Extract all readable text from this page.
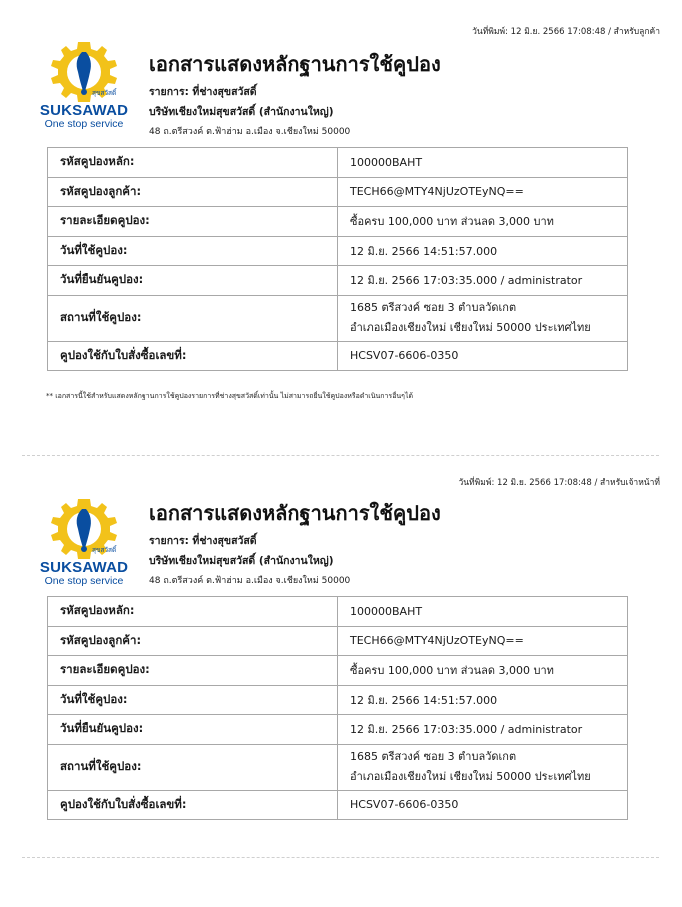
วันที่พิมพ์: 12 มิ.ย. 2566 17:08:48 / สำหรับลูกค้า
สุขสวัสดิ์
SUKSAWAD
One stop service
เอกสารแสดงหลักฐานการใช้คูปอง
รายการ: ที่ช่างสุขสวัสดิ์
บริษัทเชียงใหม่สุขสวัสดิ์ (สำนักงานใหญ่)
48 ถ.ตรีสวงค์ ต.ฟ้าฮ่าม อ.เมือง จ.เชียงใหม่ 50000
รหัสคูปองหลัก:	100000BAHT
รหัสคูปองลูกค้า:	TECH66@MTY4NjUzOTEyNQ==
รายละเอียดคูปอง:	ซื้อครบ 100,000 บาท ส่วนลด 3,000 บาท
วันที่ใช้คูปอง:	12 มิ.ย. 2566 14:51:57.000
วันที่ยืนยันคูปอง:	12 มิ.ย. 2566 17:03:35.000 / administrator
สถานที่ใช้คูปอง:	1685 ตรีสวงค์ ซอย 3 ตำบลวัดเกต
อำเภอเมืองเชียงใหม่ เชียงใหม่ 50000 ประเทศไทย

คูปองใช้กับใบสั่งซื้อเลขที่:	HCSV07-6606-0350
** เอกสารนี้ใช้สำหรับแสดงหลักฐานการใช้คูปองรายการที่ช่างสุขสวัสดิ์เท่านั้น ไม่สามารถยื่นใช้คูปองหรือดำเนินการอื่นๆได้
วันที่พิมพ์: 12 มิ.ย. 2566 17:08:48 / สำหรับเจ้าหน้าที่
สุขสวัสดิ์
SUKSAWAD
One stop service
เอกสารแสดงหลักฐานการใช้คูปอง
รายการ: ที่ช่างสุขสวัสดิ์
บริษัทเชียงใหม่สุขสวัสดิ์ (สำนักงานใหญ่)
48 ถ.ตรีสวงค์ ต.ฟ้าฮ่าม อ.เมือง จ.เชียงใหม่ 50000
รหัสคูปองหลัก:	100000BAHT
รหัสคูปองลูกค้า:	TECH66@MTY4NjUzOTEyNQ==
รายละเอียดคูปอง:	ซื้อครบ 100,000 บาท ส่วนลด 3,000 บาท
วันที่ใช้คูปอง:	12 มิ.ย. 2566 14:51:57.000
วันที่ยืนยันคูปอง:	12 มิ.ย. 2566 17:03:35.000 / administrator
สถานที่ใช้คูปอง:	1685 ตรีสวงค์ ซอย 3 ตำบลวัดเกต
อำเภอเมืองเชียงใหม่ เชียงใหม่ 50000 ประเทศไทย

คูปองใช้กับใบสั่งซื้อเลขที่:	HCSV07-6606-0350
